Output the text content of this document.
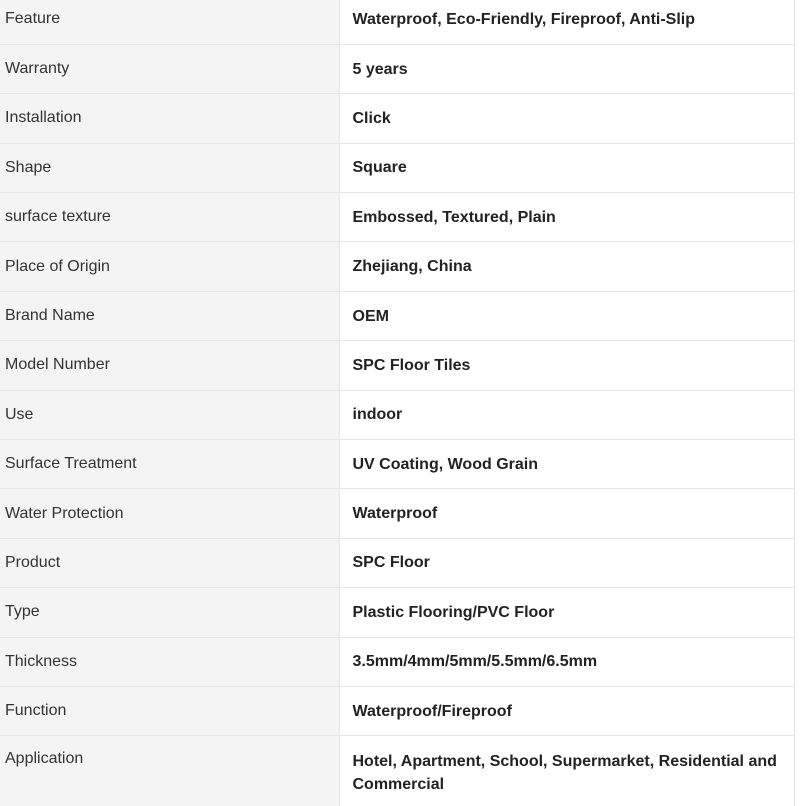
Feature	Waterproof, Eco-Friendly, Fireproof, Anti-Slip
Warranty	5 years
Installation	Click
Shape	Square
surface texture	Embossed, Textured, Plain
Place of Origin	Zhejiang, China
Brand Name	OEM
Model Number	SPC Floor Tiles
Use	indoor
Surface Treatment	UV Coating, Wood Grain
Water Protection	Waterproof
Product	SPC Floor
Type	Plastic Flooring/PVC Floor
Thickness	3.5mm/4mm/5mm/5.5mm/6.5mm
Function	Waterproof/Fireproof
Application	Hotel, Apartment, School, Supermarket, Residential and Commercial
